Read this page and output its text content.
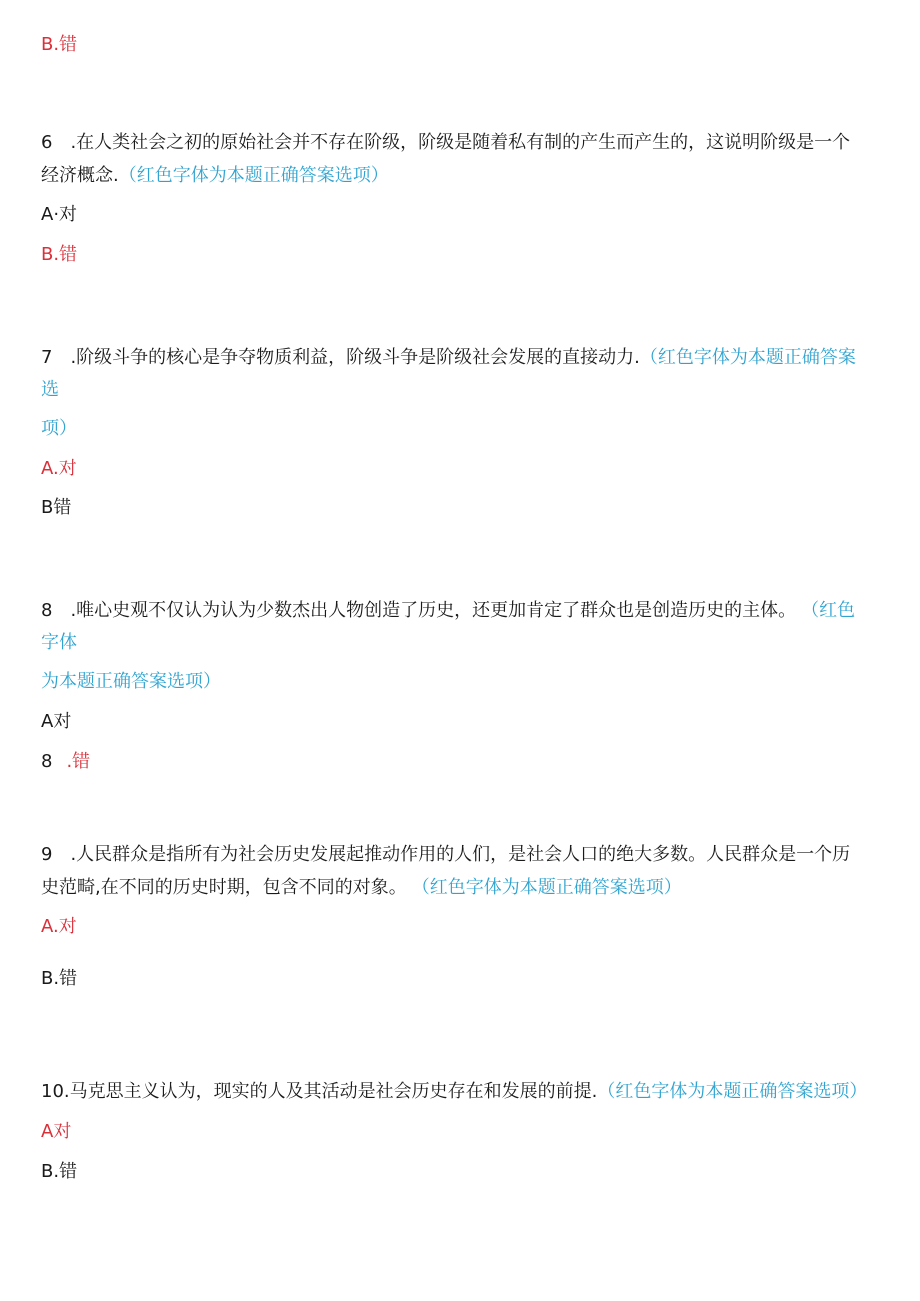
B.错
6　.在人类社会之初的原始社会并不存在阶级，阶级是随着私有制的产生而产生的，这说明阶级是一个
经济概念.（红色字体为本题正确答案选项）
A·对
B.错
7　.阶级斗争的核心是争夺物质利益，阶级斗争是阶级社会发展的直接动力.（红色字体为本题正确答案
选
项）
A.对
B错
8　.唯心史观不仅认为认为少数杰出人物创造了历史，还更加肯定了群众也是创造历史的主体。 （红色
字体
为本题正确答案选项）
A对
8 .错
9　.人民群众是指所有为社会历史发展起推动作用的人们，是社会人口的绝大多数。人民群众是一个历
史范畸,在不同的历史时期，包含不同的对象。 （红色字体为本题正确答案选项）
A.对
B.错
10.马克思主义认为，现实的人及其活动是社会历史存在和发展的前提.（红色字体为本题正确答案选项）
A对
B.错
